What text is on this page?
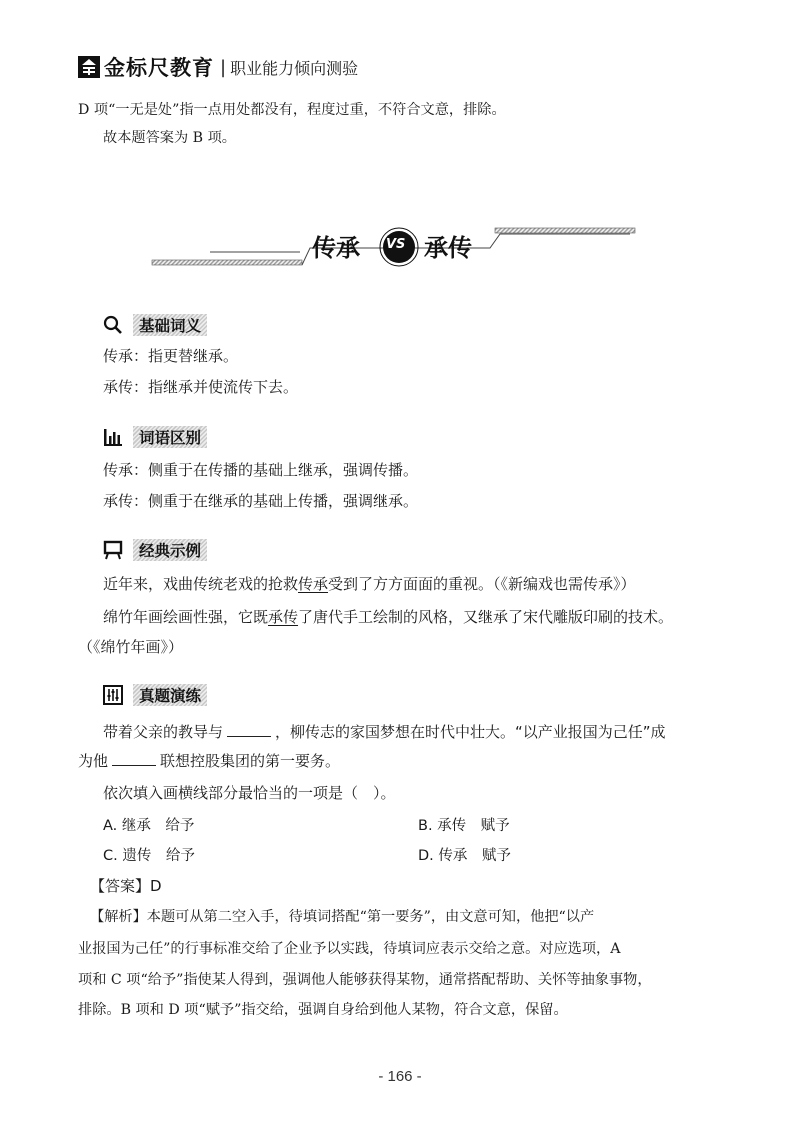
金标尺教育 | 职业能力倾向测验
D 项“一无是处”指一点用处都没有，程度过重，不符合文意，排除。
故本题答案为 B 项。
传承 VS 承传
基础词义
传承：指更替继承。
承传：指继承并使流传下去。
词语区别
传承：侧重于在传播的基础上继承，强调传播。
承传：侧重于在继承的基础上传播，强调继承。
经典示例
近年来，戏曲传统老戏的抢救传承受到了方方面面的重视。（《新编戏也需传承》）
绵竹年画绘画性强，它既承传了唐代手工绘制的风格，又继承了宋代雕版印刷的技术。
（《绵竹年画》）
真题演练
带着父亲的教导与	，柳传志的家国梦想在时代中壮大。“以产业报国为己任”成
为他	联想控股集团的第一要务。
依次填入画横线部分最恰当的一项是（　）。
A. 继承　给予	B. 承传　赋予
C. 遗传　给予	D. 传承　赋予
【答案】D
【解析】本题可从第二空入手，待填词搭配“第一要务”，由文意可知，他把“以产
业报国为己任”的行事标准交给了企业予以实践，待填词应表示交给之意。对应选项，A
项和 C 项“给予”指使某人得到，强调他人能够获得某物，通常搭配帮助、关怀等抽象事物，
排除。B 项和 D 项“赋予”指交给，强调自身给到他人某物，符合文意，保留。
- 166 -
